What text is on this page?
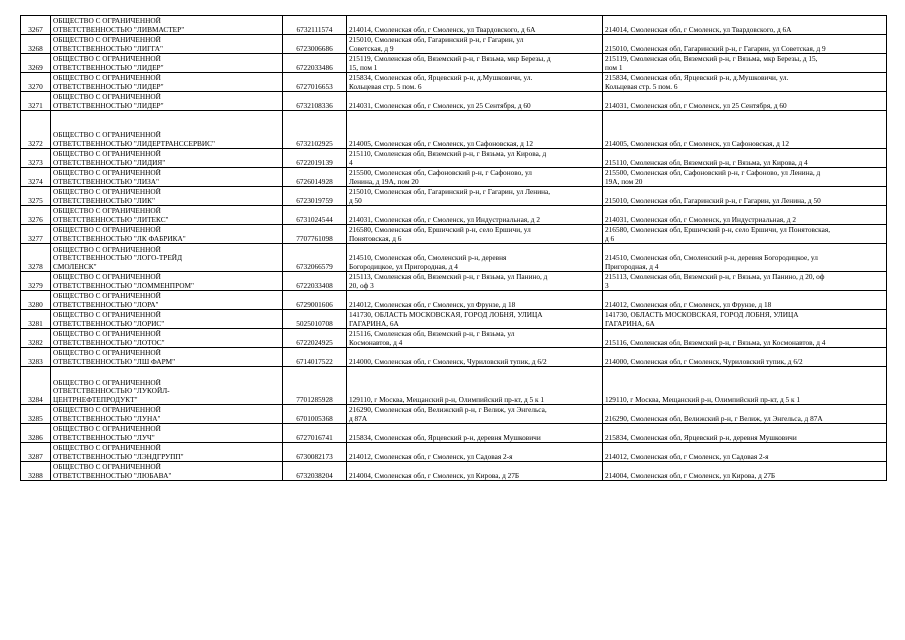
3267	ОБЩЕСТВО С ОГРАНИЧЕННОЙ
ОТВЕТСТВЕННОСТЬЮ "ЛИВМАСТЕР"	6732111574	214014, Смоленская обл, г Смоленск, ул Твардовского, д 6А	214014, Смоленская обл, г Смоленск, ул Твардовского, д 6А

3268	ОБЩЕСТВО С ОГРАНИЧЕННОЙ
ОТВЕТСТВЕННОСТЬЮ "ЛИГГА"	6723006686	215010, Смоленская обл, Гагаринский р-н, г Гагарин, ул
Советская, д 9	215010, Смоленская обл, Гагаринский р-н, г Гагарин, ул Советская, д 9

3269	ОБЩЕСТВО С ОГРАНИЧЕННОЙ
ОТВЕТСТВЕННОСТЬЮ "ЛИДЕР"	6722033486	215119, Смоленская обл, Вяземский р-н, г Вязьма, мкр Березы, д
15, пом 1	215119, Смоленская обл, Вяземский р-н, г Вязьма, мкр Березы, д 15,
пом 1

3270	ОБЩЕСТВО С ОГРАНИЧЕННОЙ
ОТВЕТСТВЕННОСТЬЮ "ЛИДЕР"	6727016653	215834, Смоленская обл, Ярцевский р-н, д.Мушковичи, ул.
Кольцевая стр. 5 пом. 6	215834, Смоленская обл, Ярцевский р-н, д.Мушковичи, ул.
Кольцевая стр. 5 пом. 6

3271	ОБЩЕСТВО С ОГРАНИЧЕННОЙ
ОТВЕТСТВЕННОСТЬЮ "ЛИДЕР"	6732108336	214031, Смоленская обл, г Смоленск, ул 25 Сентября, д 60	214031, Смоленская обл, г Смоленск, ул 25 Сентября, д 60

3272	ОБЩЕСТВО С ОГРАНИЧЕННОЙ
ОТВЕТСТВЕННОСТЬЮ "ЛИДЕРТРАНССЕРВИС"	6732102925	214005, Смоленская обл, г Смоленск, ул Сафоновская, д 12	214005, Смоленская обл, г Смоленск, ул Сафоновская, д 12

3273	ОБЩЕСТВО С ОГРАНИЧЕННОЙ
ОТВЕТСТВЕННОСТЬЮ "ЛИДИЯ"	6722019139	215110, Смоленская обл, Вяземский р-н, г Вязьма, ул Кирова, д
4	215110, Смоленская обл, Вяземский р-н, г Вязьма, ул Кирова, д 4

3274	ОБЩЕСТВО С ОГРАНИЧЕННОЙ
ОТВЕТСТВЕННОСТЬЮ "ЛИЗА"	6726014928	215500, Смоленская обл, Сафоновский р-н, г Сафоново, ул
Ленина, д 19А, пом 20	215500, Смоленская обл, Сафоновский р-н, г Сафоново, ул Ленина, д
19А, пом 20

3275	ОБЩЕСТВО С ОГРАНИЧЕННОЙ
ОТВЕТСТВЕННОСТЬЮ "ЛИК"	6723019759	215010, Смоленская обл, Гагаринский р-н, г Гагарин, ул Ленина,
д 50	215010, Смоленская обл, Гагаринский р-н, г Гагарин, ул Ленина, д 50

3276	ОБЩЕСТВО С ОГРАНИЧЕННОЙ
ОТВЕТСТВЕННОСТЬЮ "ЛИТЕКС"	6731024544	214031, Смоленская обл, г Смоленск, ул Индустриальная, д 2	214031, Смоленская обл, г Смоленск, ул Индустриальная, д 2

3277	ОБЩЕСТВО С ОГРАНИЧЕННОЙ
ОТВЕТСТВЕННОСТЬЮ "ЛК ФАБРИКА"	7707761098	216580, Смоленская обл, Ершичский р-н, село Ершичи, ул
Понятовская, д 6	216580, Смоленская обл, Ершичский р-н, село Ершичи, ул Понятовская,
д 6

3278	ОБЩЕСТВО С ОГРАНИЧЕННОЙ
ОТВЕТСТВЕННОСТЬЮ "ЛОГО-ТРЕЙД
СМОЛЕНСК"	6732066579	214510, Смоленская обл, Смоленский р-н, деревня
Богородицкое, ул Пригородная, д 4	214510, Смоленская обл, Смоленский р-н, деревня Богородицкое, ул
Пригородная, д 4

3279	ОБЩЕСТВО С ОГРАНИЧЕННОЙ
ОТВЕТСТВЕННОСТЬЮ "ЛОММЕНПРОМ"	6722033408	215113, Смоленская обл, Вяземский р-н, г Вязьма, ул Панино, д
20, оф 3	215113, Смоленская обл, Вяземский р-н, г Вязьма, ул Панино, д 20, оф
3

3280	ОБЩЕСТВО С ОГРАНИЧЕННОЙ
ОТВЕТСТВЕННОСТЬЮ "ЛОРА"	6729001606	214012, Смоленская обл, г Смоленск, ул Фрунзе, д 18	214012, Смоленская обл, г Смоленск, ул Фрунзе, д 18

3281	ОБЩЕСТВО С ОГРАНИЧЕННОЙ
ОТВЕТСТВЕННОСТЬЮ "ЛОРИС"	5025010708	141730, ОБЛАСТЬ МОСКОВСКАЯ, ГОРОД ЛОБНЯ, УЛИЦА
ГАГАРИНА, 6А	141730, ОБЛАСТЬ МОСКОВСКАЯ, ГОРОД ЛОБНЯ, УЛИЦА
ГАГАРИНА, 6А

3282	ОБЩЕСТВО С ОГРАНИЧЕННОЙ
ОТВЕТСТВЕННОСТЬЮ "ЛОТОС"	6722024925	215116, Смоленская обл, Вяземский р-н, г Вязьма, ул
Космонавтов, д 4	215116, Смоленская обл, Вяземский р-н, г Вязьма, ул Космонавтов, д 4

3283	ОБЩЕСТВО С ОГРАНИЧЕННОЙ
ОТВЕТСТВЕННОСТЬЮ "ЛШ ФАРМ"	6714017522	214000, Смоленская обл, г Смоленск, Чуриловский тупик, д 6/2	214000, Смоленская обл, г Смоленск, Чуриловский тупик, д 6/2

3284	ОБЩЕСТВО С ОГРАНИЧЕННОЙ
ОТВЕТСТВЕННОСТЬЮ "ЛУКОЙЛ-
ЦЕНТРНЕФТЕПРОДУКТ"	7701285928	129110, г Москва, Мещанский р-н, Олимпийский пр-кт, д 5 к 1	129110, г Москва, Мещанский р-н, Олимпийский пр-кт, д 5 к 1

3285	ОБЩЕСТВО С ОГРАНИЧЕННОЙ
ОТВЕТСТВЕННОСТЬЮ "ЛУНА"	6701005368	216290, Смоленская обл, Велижский р-н, г Велиж, ул Энгельса,
д 87А	216290, Смоленская обл, Велижский р-н, г Велиж, ул Энгельса, д 87А

3286	ОБЩЕСТВО С ОГРАНИЧЕННОЙ
ОТВЕТСТВЕННОСТЬЮ "ЛУЧ"	6727016741	215834, Смоленская обл, Ярцевский р-н, деревня Мушковичи	215834, Смоленская обл, Ярцевский р-н, деревня Мушковичи

3287	ОБЩЕСТВО С ОГРАНИЧЕННОЙ
ОТВЕТСТВЕННОСТЬЮ "ЛЭНДГРУПП"	6730082173	214012, Смоленская обл, г Смоленск, ул Садовая 2-я	214012, Смоленская обл, г Смоленск, ул Садовая 2-я

3288	ОБЩЕСТВО С ОГРАНИЧЕННОЙ
ОТВЕТСТВЕННОСТЬЮ "ЛЮБАВА"	6732038204	214004, Смоленская обл, г Смоленск, ул Кирова, д 27Б	214004, Смоленская обл, г Смоленск, ул Кирова, д 27Б
